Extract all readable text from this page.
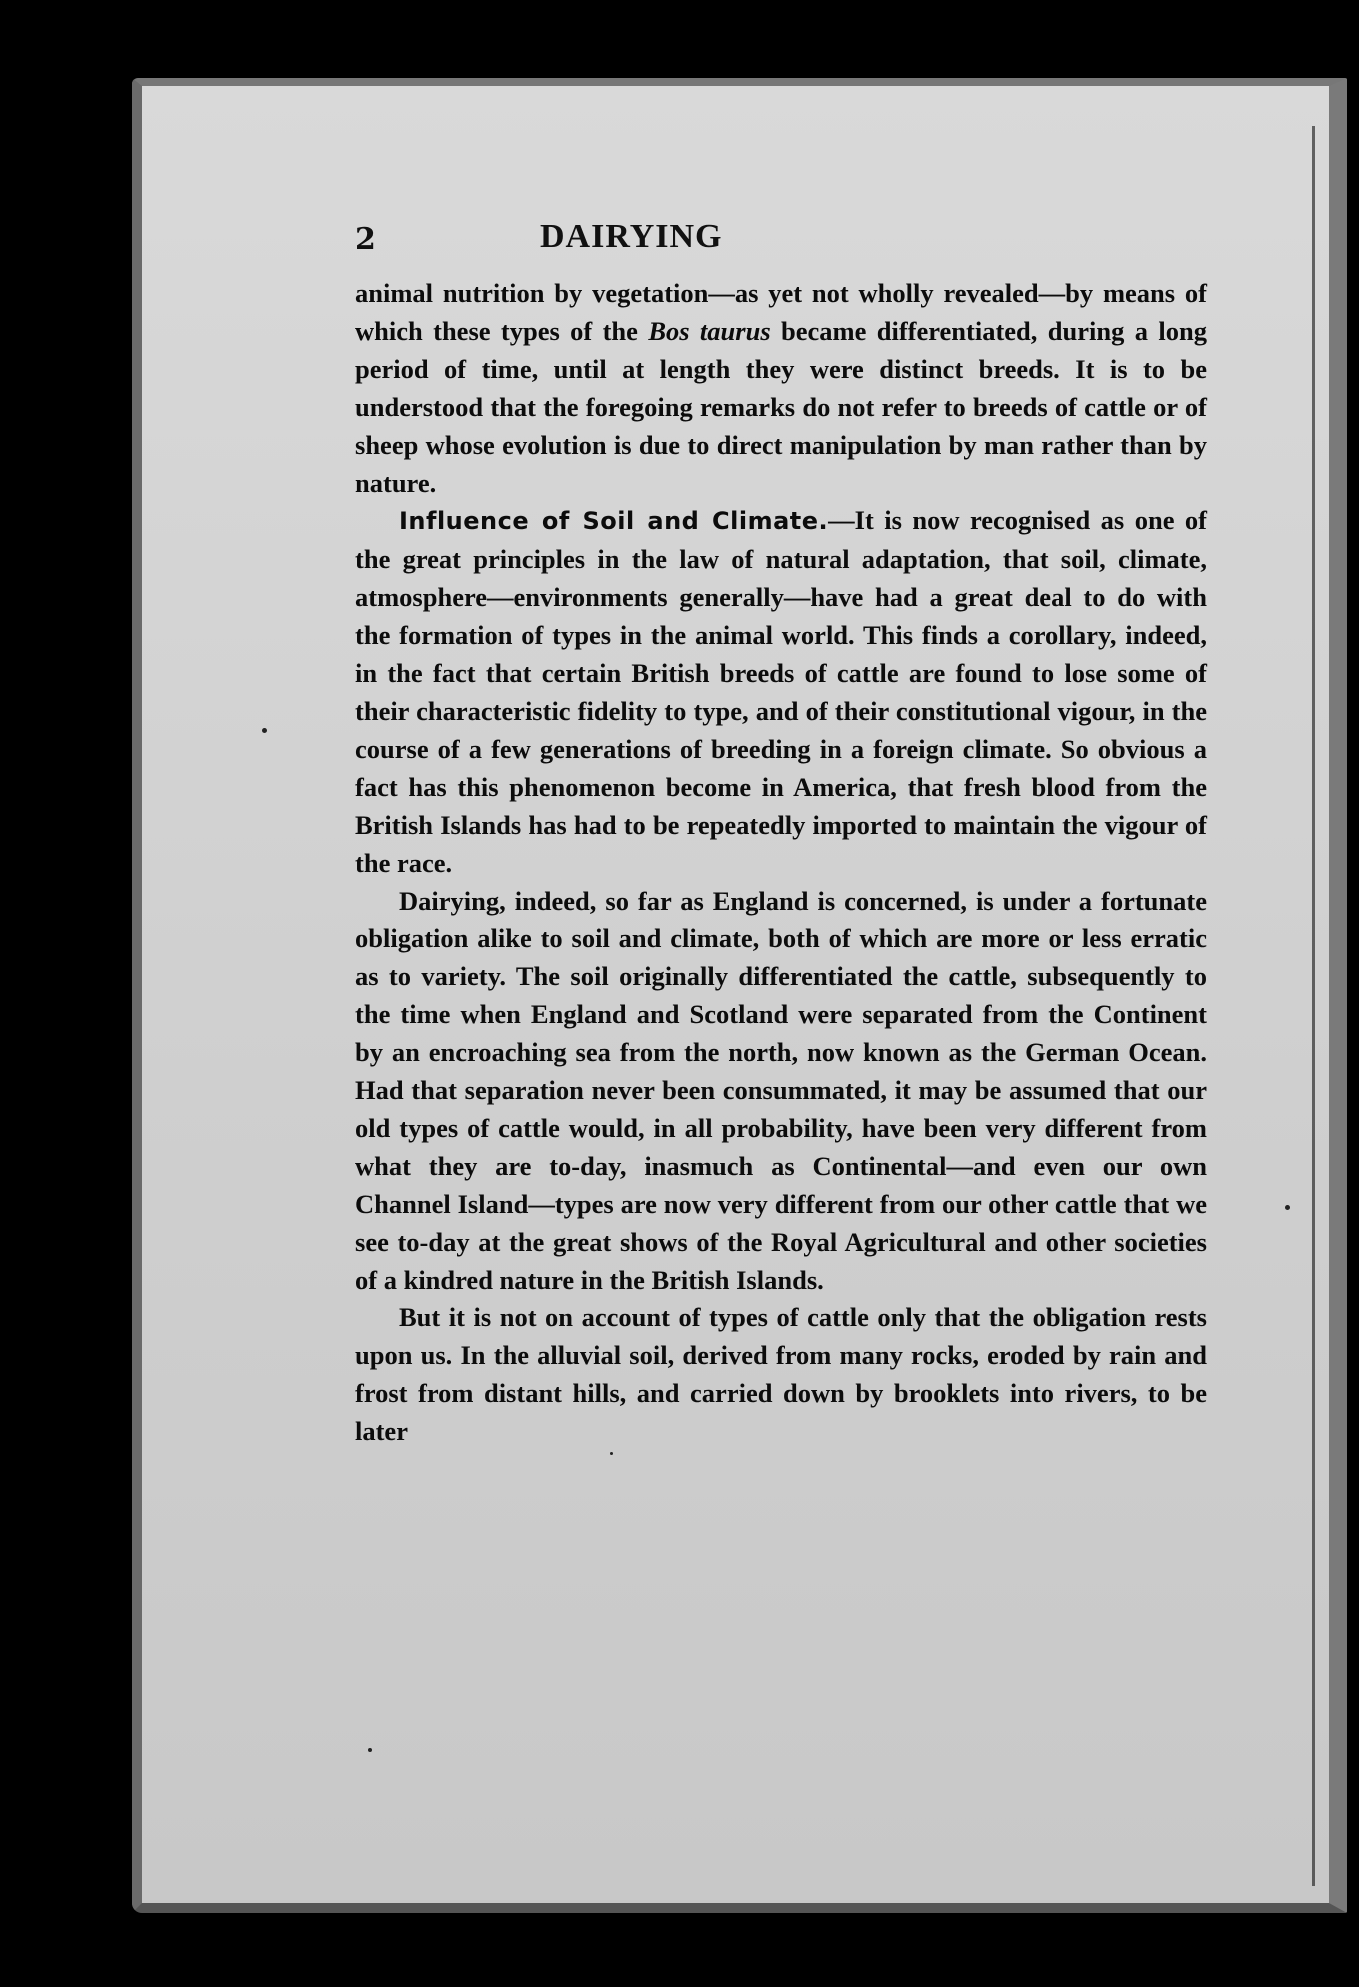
2	DAIRYING

animal nutrition by vegetation—as yet not wholly revealed—by means of which these types of the Bos taurus became differentiated, during a long period of time, until at length they were distinct breeds. It is to be understood that the foregoing remarks do not refer to breeds of cattle or of sheep whose evolution is due to direct manipulation by man rather than by nature.

Influence of Soil and Climate.—It is now recognised as one of the great principles in the law of natural adaptation, that soil, climate, atmosphere—environments generally—have had a great deal to do with the formation of types in the animal world. This finds a corollary, indeed, in the fact that certain British breeds of cattle are found to lose some of their characteristic fidelity to type, and of their constitutional vigour, in the course of a few generations of breeding in a foreign climate. So obvious a fact has this phenomenon become in America, that fresh blood from the British Islands has had to be repeatedly imported to maintain the vigour of the race.

Dairying, indeed, so far as England is concerned, is under a fortunate obligation alike to soil and climate, both of which are more or less erratic as to variety. The soil originally differentiated the cattle, subsequently to the time when England and Scotland were separated from the Continent by an encroaching sea from the north, now known as the German Ocean. Had that separation never been consummated, it may be assumed that our old types of cattle would, in all probability, have been very different from what they are to-day, inasmuch as Continental—and even our own Channel Island—types are now very different from our other cattle that we see to-day at the great shows of the Royal Agricultural and other societies of a kindred nature in the British Islands.

But it is not on account of types of cattle only that the obligation rests upon us. In the alluvial soil, derived from many rocks, eroded by rain and frost from distant hills, and carried down by brooklets into rivers, to be later
